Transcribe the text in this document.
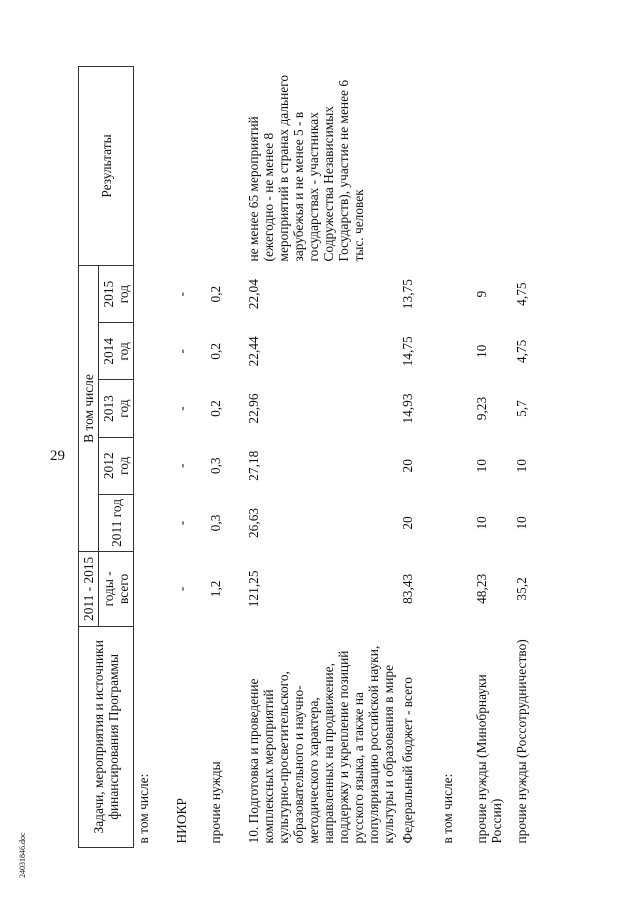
29
24031846.doc
Задачи, мероприятия и источники финансирования Программы	2011 - 2015	В том числе					Результаты
	годы - всего	2011 год	2012 год	2013 год	2014 год	2015 год	
в том числе:							
НИОКР	-	-	-	-	-	-	
прочие нужды	1,2	0,3	0,3	0,2	0,2	0,2	
10. Подготовка и проведение комплексных мероприятий культурно-просветительского, образовательного и научно-методического характера, направленных на продвижение, поддержку и укрепление позиций русского языка, а также на популяризацию российской науки, культуры и образования в мире	121,25	26,63	27,18	22,96	22,44	22,04	не менее 65 мероприятий (ежегодно - не менее 8 мероприятий в странах дальнего зарубежья и не менее 5 - в государствах - участниках Содружества Независимых Государств), участие не менее 6 тыс. человек
Федеральный бюджет - всего	83,43	20	20	14,93	14,75	13,75	
в том числе:							
прочие нужды (Минобрнауки России)	48,23	10	10	9,23	10	9	
прочие нужды (Россотрудничество)	35,2	10	10	5,7	4,75	4,75	
